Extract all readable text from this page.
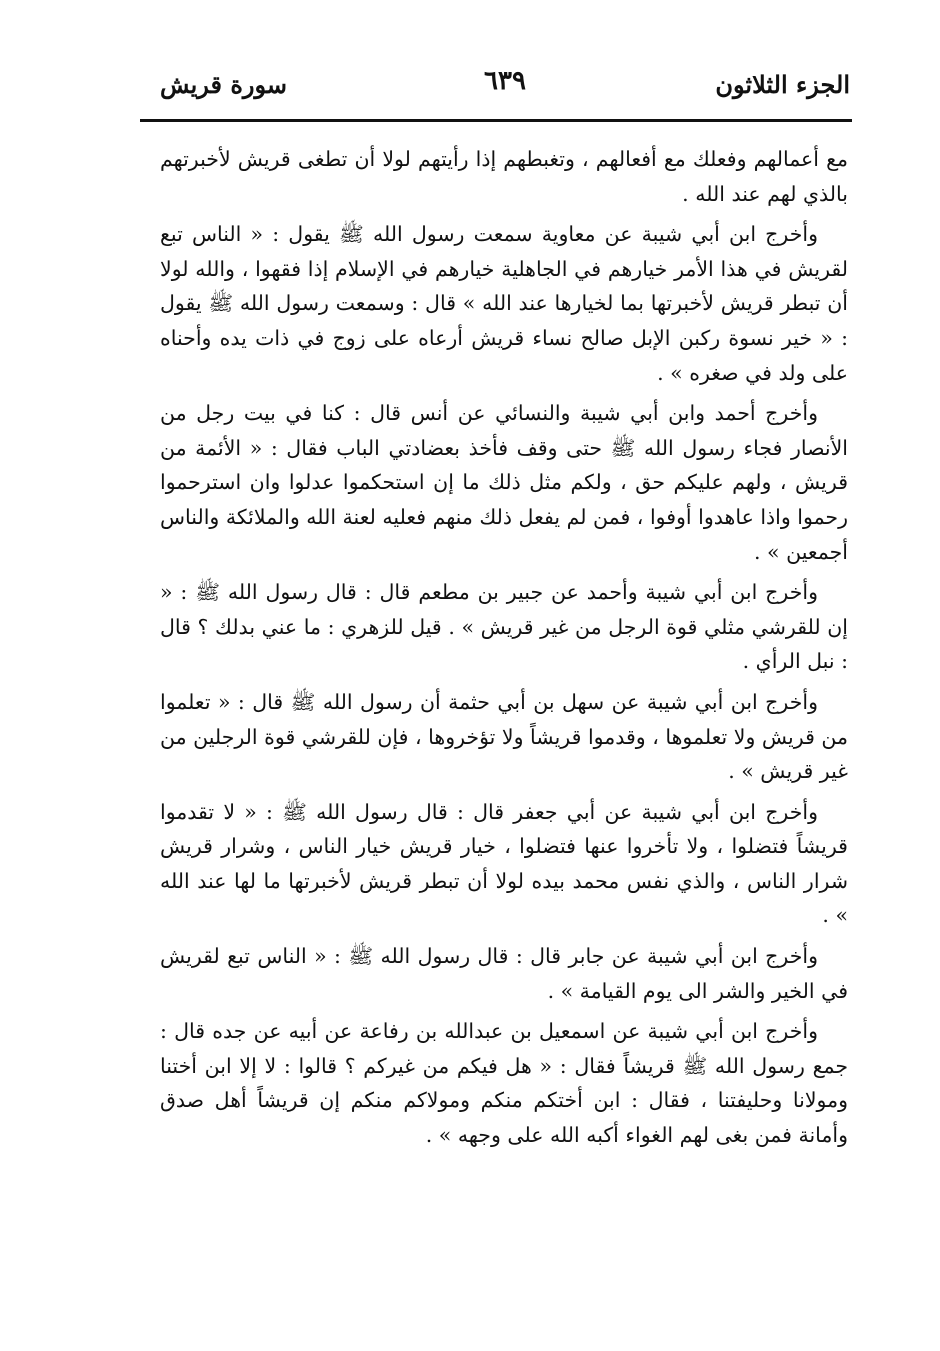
الجزء الثلاثون
٦٣٩
سورة قريش

مع أعمالهم وفعلك مع أفعالهم ، وتغبطهم إذا رأيتهم لولا أن تطغى قريش لأخبرتهم بالذي لهم عند الله .

وأخرج ابن أبي شيبة عن معاوية سمعت رسول الله ﷺ يقول : « الناس تبع لقريش في هذا الأمر خيارهم في الجاهلية خيارهم في الإسلام إذا فقهوا ، والله لولا أن تبطر قريش لأخبرتها بما لخيارها عند الله » قال : وسمعت رسول الله ﷺ يقول : « خير نسوة ركبن الإبل صالح نساء قريش أرعاه على زوج في ذات يده وأحناه على ولد في صغره » .

وأخرج أحمد وابن أبي شيبة والنسائي عن أنس قال : كنا في بيت رجل من الأنصار فجاء رسول الله ﷺ حتى وقف فأخذ بعضادتي الباب فقال : « الأئمة من قريش ، ولهم عليكم حق ، ولكم مثل ذلك ما إن استحكموا عدلوا وان استرحموا رحموا واذا عاهدوا أوفوا ، فمن لم يفعل ذلك منهم فعليه لعنة الله والملائكة والناس أجمعين » .

وأخرج ابن أبي شيبة وأحمد عن جبير بن مطعم قال : قال رسول الله ﷺ : « إن للقرشي مثلي قوة الرجل من غير قريش » . قيل للزهري : ما عني بدلك ؟ قال : نبل الرأي .

وأخرج ابن أبي شيبة عن سهل بن أبي حثمة أن رسول الله ﷺ قال : « تعلموا من قريش ولا تعلموها ، وقدموا قريشاً ولا تؤخروها ، فإن للقرشي قوة الرجلين من غير قريش » .

وأخرج ابن أبي شيبة عن أبي جعفر قال : قال رسول الله ﷺ : « لا تقدموا قريشاً فتضلوا ، ولا تأخروا عنها فتضلوا ، خيار قريش خيار الناس ، وشرار قريش شرار الناس ، والذي نفس محمد بيده لولا أن تبطر قريش لأخبرتها ما لها عند الله » .

وأخرج ابن أبي شيبة عن جابر قال : قال رسول الله ﷺ : « الناس تبع لقريش في الخير والشر الى يوم القيامة » .

وأخرج ابن أبي شيبة عن اسمعيل بن عبدالله بن رفاعة عن أبيه عن جده قال : جمع رسول الله ﷺ قريشاً فقال : « هل فيكم من غيركم ؟ قالوا : لا إلا ابن أختنا ومولانا وحليفتنا ، فقال : ابن أختكم منكم ومولاكم منكم إن قريشاً أهل صدق وأمانة فمن بغى لهم الغواء أكبه الله على وجهه » .
